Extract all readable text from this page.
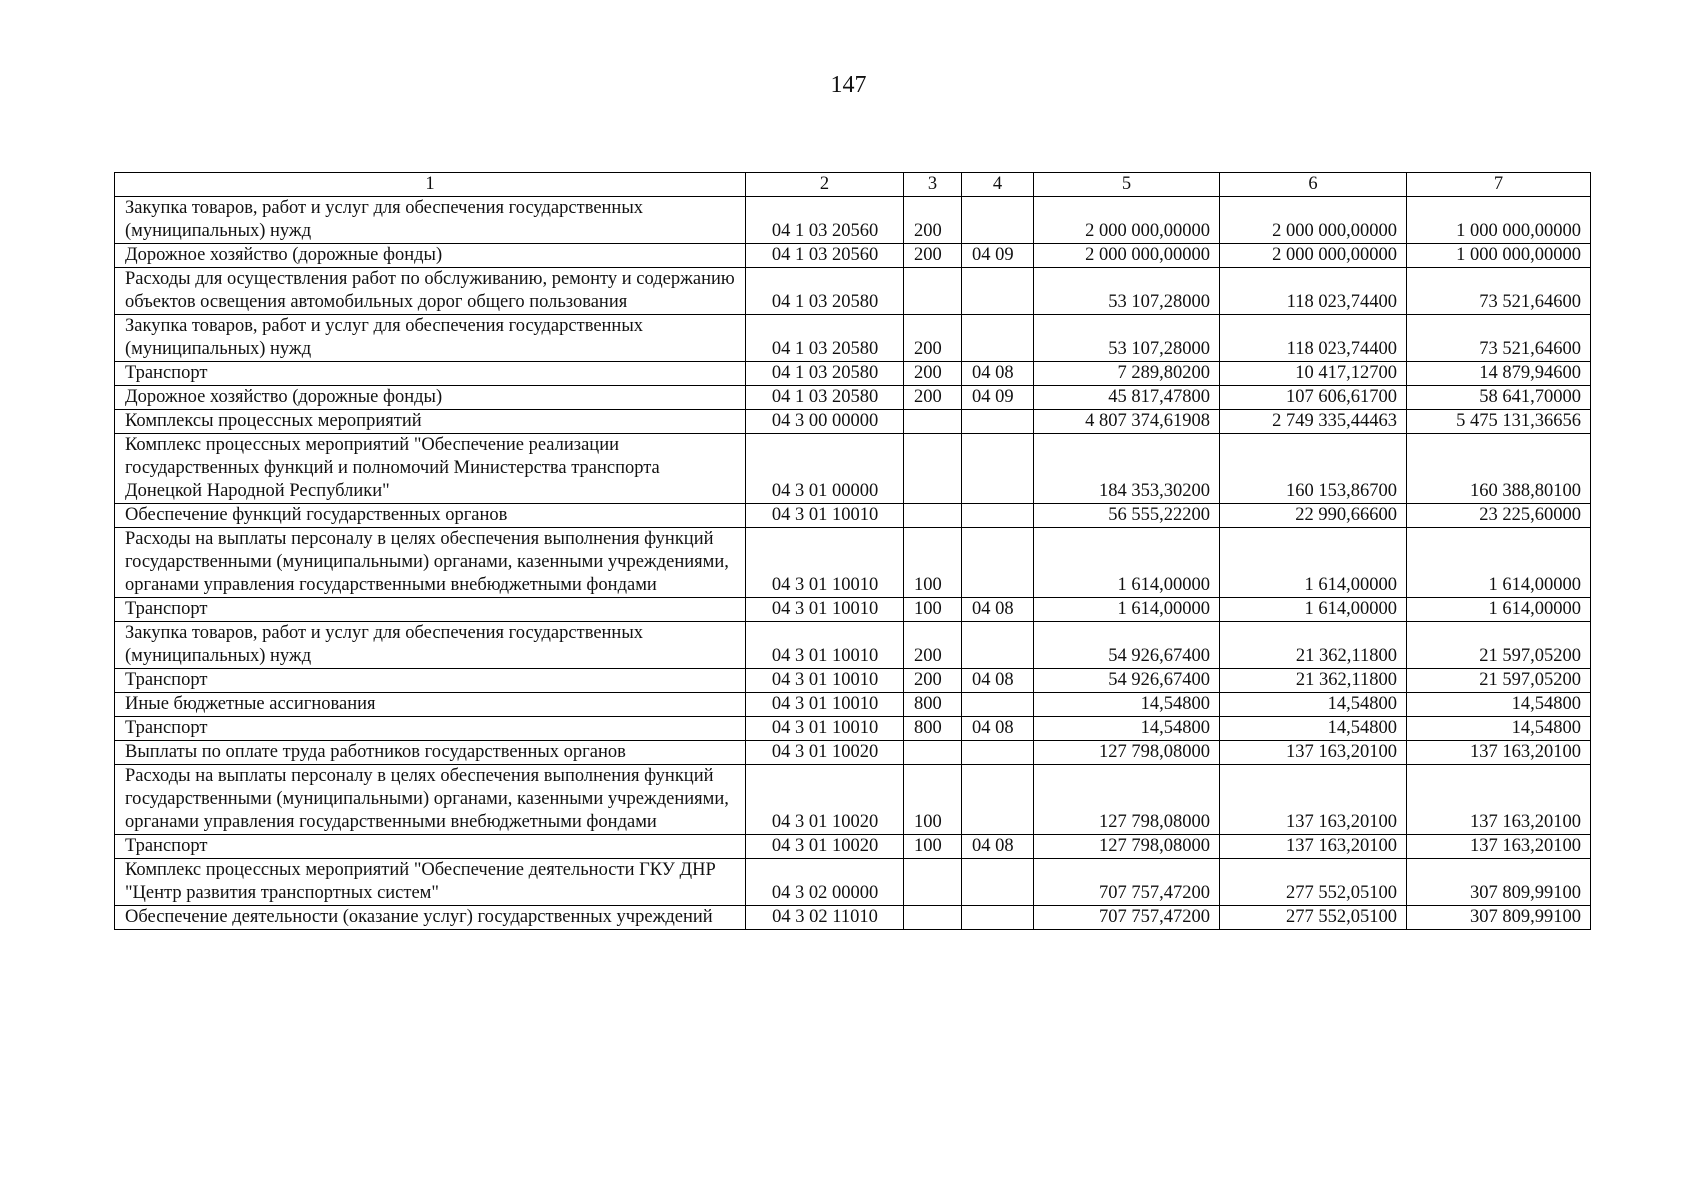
147
1	2	3	4	5	6	7
Закупка товаров, работ и услуг для обеспечения государственных (муниципальных) нужд	04 1 03 20560	200		2 000 000,00000	2 000 000,00000	1 000 000,00000
Дорожное хозяйство (дорожные фонды)	04 1 03 20560	200	04 09	2 000 000,00000	2 000 000,00000	1 000 000,00000
Расходы для осуществления работ по обслуживанию, ремонту и содержанию объектов освещения автомобильных дорог общего пользования	04 1 03 20580			53 107,28000	118 023,74400	73 521,64600
Закупка товаров, работ и услуг для обеспечения государственных (муниципальных) нужд	04 1 03 20580	200		53 107,28000	118 023,74400	73 521,64600
Транспорт	04 1 03 20580	200	04 08	7 289,80200	10 417,12700	14 879,94600
Дорожное хозяйство (дорожные фонды)	04 1 03 20580	200	04 09	45 817,47800	107 606,61700	58 641,70000
Комплексы процессных мероприятий	04 3 00 00000			4 807 374,61908	2 749 335,44463	5 475 131,36656
Комплекс процессных мероприятий "Обеспечение реализации государственных функций и полномочий Министерства транспорта Донецкой Народной Республики"	04 3 01 00000			184 353,30200	160 153,86700	160 388,80100
Обеспечение функций государственных органов	04 3 01 10010			56 555,22200	22 990,66600	23 225,60000
Расходы на выплаты персоналу в целях обеспечения выполнения функций государственными (муниципальными) органами, казенными учреждениями, органами управления государственными внебюджетными фондами	04 3 01 10010	100		1 614,00000	1 614,00000	1 614,00000
Транспорт	04 3 01 10010	100	04 08	1 614,00000	1 614,00000	1 614,00000
Закупка товаров, работ и услуг для обеспечения государственных (муниципальных) нужд	04 3 01 10010	200		54 926,67400	21 362,11800	21 597,05200
Транспорт	04 3 01 10010	200	04 08	54 926,67400	21 362,11800	21 597,05200
Иные бюджетные ассигнования	04 3 01 10010	800		14,54800	14,54800	14,54800
Транспорт	04 3 01 10010	800	04 08	14,54800	14,54800	14,54800
Выплаты по оплате труда работников государственных органов	04 3 01 10020			127 798,08000	137 163,20100	137 163,20100
Расходы на выплаты персоналу в целях обеспечения выполнения функций государственными (муниципальными) органами, казенными учреждениями, органами управления государственными внебюджетными фондами	04 3 01 10020	100		127 798,08000	137 163,20100	137 163,20100
Транспорт	04 3 01 10020	100	04 08	127 798,08000	137 163,20100	137 163,20100
Комплекс процессных мероприятий "Обеспечение деятельности ГКУ ДНР "Центр развития транспортных систем"	04 3 02 00000			707 757,47200	277 552,05100	307 809,99100
Обеспечение деятельности (оказание услуг) государственных учреждений	04 3 02 11010			707 757,47200	277 552,05100	307 809,99100
